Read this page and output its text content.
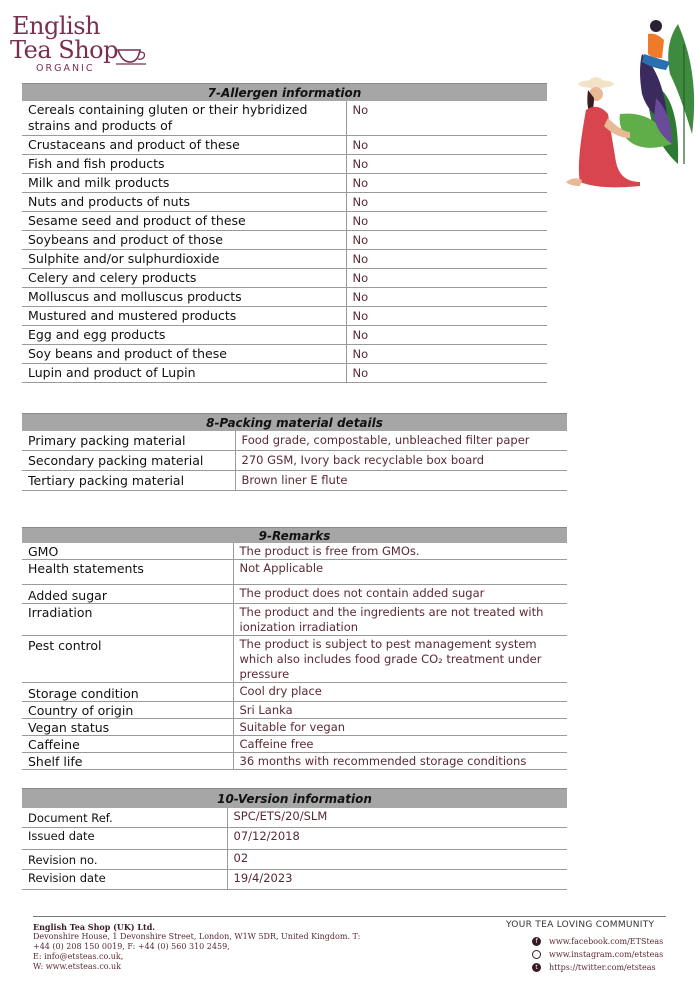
English
Tea Shop
ORGANIC
7-Allergen information
Cereals containing gluten or their hybridized strains and products of	No
Crustaceans and product of these	No
Fish and fish products	No
Milk and milk products	No
Nuts and products of nuts	No
Sesame seed and product of these	No
Soybeans and product of those	No
Sulphite and/or sulphurdioxide	No
Celery and celery products	No
Molluscus and molluscus products	No
Mustured and mustered products	No
Egg and egg products	No
Soy beans and product of these	No
Lupin and product of Lupin	No
8-Packing material details
Primary packing material	Food grade, compostable, unbleached filter paper
Secondary packing material	270 GSM, Ivory back recyclable box board
Tertiary packing material	Brown liner E flute
9-Remarks
GMO	The product is free from GMOs.
Health statements	Not Applicable
Added sugar	The product does not contain added sugar
Irradiation	The product and the ingredients are not treated with ionization irradiation
Pest control	The product is subject to pest management system which also includes food grade CO₂ treatment under pressure
Storage condition	Cool dry place
Country of origin	Sri Lanka
Vegan status	Suitable for vegan
Caffeine	Caffeine free
Shelf life	36 months with recommended storage conditions
10-Version information
Document Ref.	SPC/ETS/20/SLM
Issued date	07/12/2018
Revision no.	02
Revision date	19/4/2023
English Tea Shop (UK) Ltd.
Devonshire House, 1 Devonshire Street, London, W1W 5DR, United Kingdom. T: +44 (0) 208 150 0019, F: +44 (0) 560 310 2459,
E: info@etsteas.co.uk,
W: www.etsteas.co.uk
YOUR TEA LOVING COMMUNITY
f	www.facebook.com/ETSteas
www.instagram.com/etsteas
t	https://twitter.com/etsteas
